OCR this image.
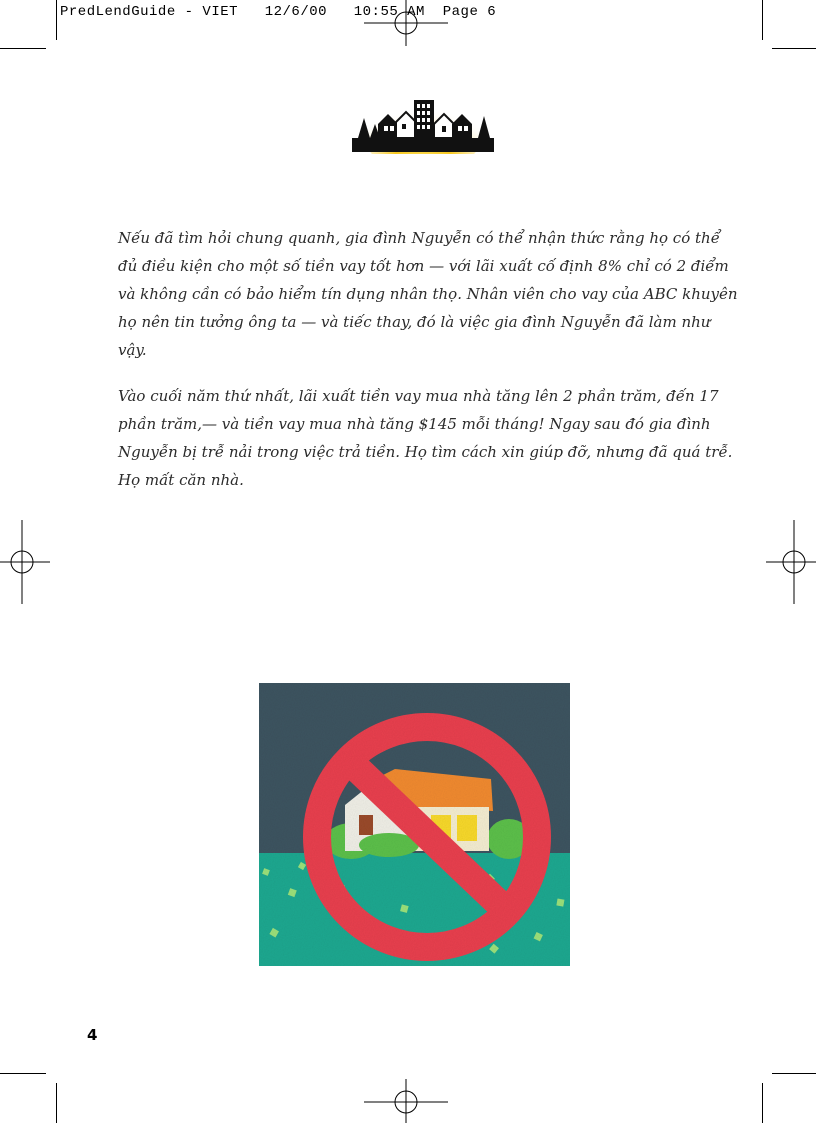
PredLendGuide - VIET   12/6/00   10:55 AM  Page 6

Nếu đã tìm hỏi chung quanh, gia đình Nguyễn có thể nhận thức rằng họ có thể đủ điều kiện cho một số tiền vay tốt hơn — với lãi xuất cố định 8% chỉ có 2 điểm và không cần có bảo hiểm tín dụng nhân thọ. Nhân viên cho vay của ABC khuyên họ nên tin tưởng ông ta — và tiếc thay, đó là việc gia đình Nguyễn đã làm như vậy.

Vào cuối năm thứ nhất, lãi xuất tiền vay mua nhà tăng lên 2 phần trăm, đến 17 phần trăm,— và tiền vay mua nhà tăng $145 mỗi tháng! Ngay sau đó gia đình Nguyễn bị trễ nải trong việc trả tiền. Họ tìm cách xin giúp đỡ, nhưng đã quá trễ. Họ mất căn nhà.

4
